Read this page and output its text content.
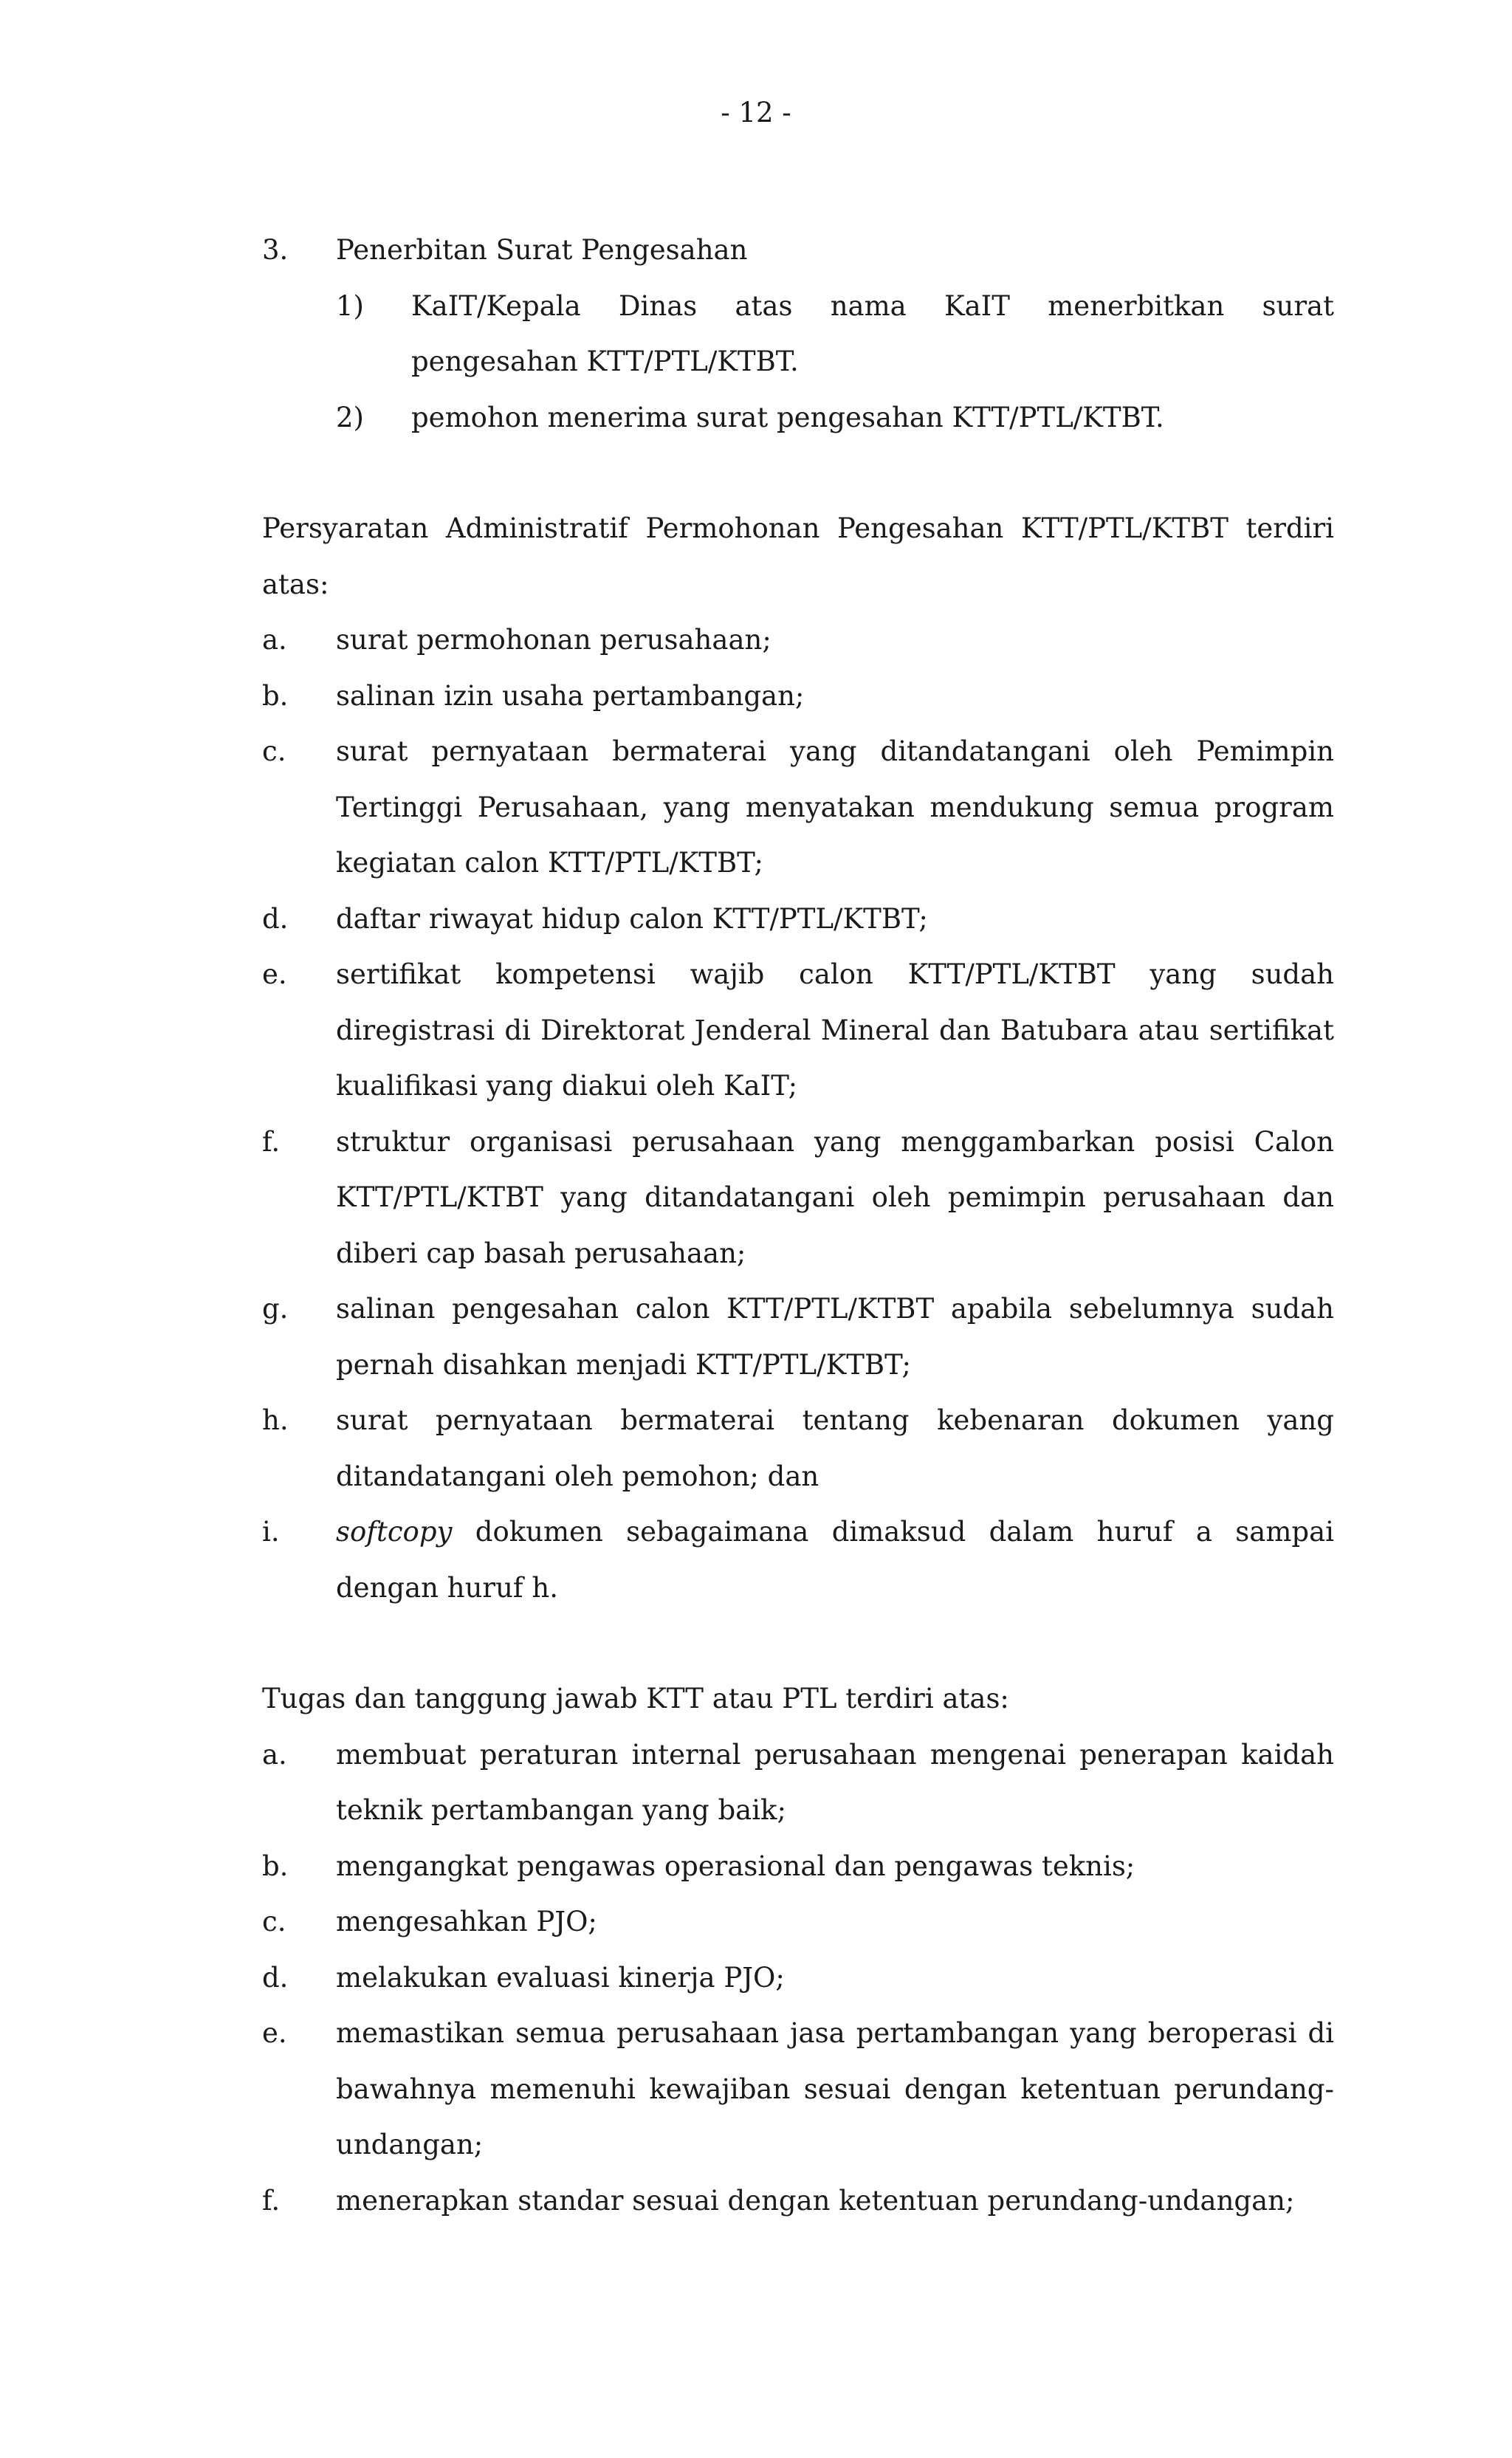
- 12 -
3.	Penerbitan Surat Pengesahan
1)	KaIT/Kepala Dinas atas nama KaIT menerbitkan surat pengesahan KTT/PTL/KTBT.
2)	pemohon menerima surat pengesahan KTT/PTL/KTBT.
Persyaratan Administratif Permohonan Pengesahan KTT/PTL/KTBT terdiri atas:
a.	surat permohonan perusahaan;
b.	salinan izin usaha pertambangan;
c.	surat pernyataan bermaterai yang ditandatangani oleh Pemimpin Tertinggi Perusahaan, yang menyatakan mendukung semua program kegiatan calon KTT/PTL/KTBT;
d.	daftar riwayat hidup calon KTT/PTL/KTBT;
e.	sertifikat kompetensi wajib calon KTT/PTL/KTBT yang sudah diregistrasi di Direktorat Jenderal Mineral dan Batubara atau sertifikat kualifikasi yang diakui oleh KaIT;
f.	struktur organisasi perusahaan yang menggambarkan posisi Calon KTT/PTL/KTBT yang ditandatangani oleh pemimpin perusahaan dan diberi cap basah perusahaan;
g.	salinan pengesahan calon KTT/PTL/KTBT apabila sebelumnya sudah pernah disahkan menjadi KTT/PTL/KTBT;
h.	surat pernyataan bermaterai tentang kebenaran dokumen yang ditandatangani oleh pemohon; dan
i.	softcopy dokumen sebagaimana dimaksud dalam huruf a sampai dengan huruf h.
Tugas dan tanggung jawab KTT atau PTL terdiri atas:
a.	membuat peraturan internal perusahaan mengenai penerapan kaidah teknik pertambangan yang baik;
b.	mengangkat pengawas operasional dan pengawas teknis;
c.	mengesahkan PJO;
d.	melakukan evaluasi kinerja PJO;
e.	memastikan semua perusahaan jasa pertambangan yang beroperasi di bawahnya memenuhi kewajiban sesuai dengan ketentuan perundang-undangan;
f.	menerapkan standar sesuai dengan ketentuan perundang-undangan;
